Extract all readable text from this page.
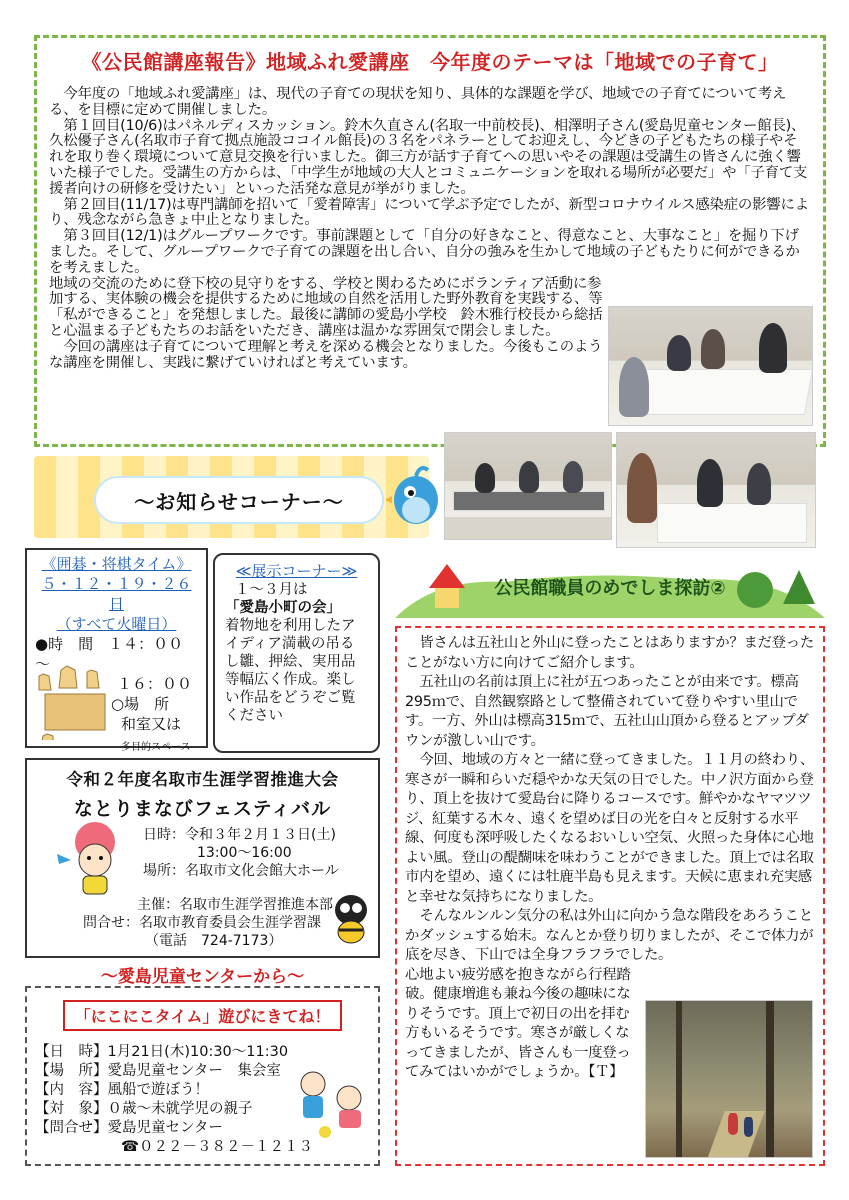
《公民館講座報告》地域ふれ愛講座　今年度のテーマは「地域での子育て」

今年度の「地域ふれ愛講座」は、現代の子育ての現状を知り、具体的な課題を学び、地域での子育てについて考える、を目標に定めて開催しました。

第１回目(10/6)はパネルディスカッション。鈴木久直さん(名取一中前校長)、相澤明子さん(愛島児童センター館長)、久松優子さん(名取市子育て拠点施設ココイル館長)の３名をパネラーとしてお迎えし、今どきの子どもたちの様子やそれを取り巻く環境について意見交換を行いました。御三方が話す子育てへの思いやその課題は受講生の皆さんに強く響いた様子でした。受講生の方からは、「中学生が地域の大人とコミュニケーションを取れる場所が必要だ」や「子育て支援者向けの研修を受けたい」といった活発な意見が挙がりました。

第２回目(11/17)は専門講師を招いて「愛着障害」について学ぶ予定でしたが、新型コロナウイルス感染症の影響により、残念ながら急きょ中止となりました。

第３回目(12/1)はグループワークです。事前課題として「自分の好きなこと、得意なこと、大事なこと」を掘り下げました。そして、グループワークで子育ての課題を出し合い、自分の強みを生かして地域の子どもたりに何ができるかを考えました。

地域の交流のために登下校の見守りをする、学校と関わるためにボランティア活動に参加する、実体験の機会を提供するために地域の自然を活用した野外教育を実践する、等「私ができること」を発想しました。最後に講師の愛島小学校　鈴木雅行校長から総括と心温まる子どもたちのお話をいただき、講座は温かな雰囲気で閉会しました。

今回の講座は子育てについて理解と考えを深める機会となりました。今後もこのような講座を開催し、実践に繋げていければと考えています。

～お知らせコーナー～
《囲碁・将棋タイム》
５・１２・１９・２６日
（すべて火曜日）
●時　間　１４：００～
１６：００
○場　所
和室又は
多目的スペース
≪展示コーナー≫
１～３月は
「愛島小町の会」
着物地を利用したアイディア満載の吊るし雛、押絵、実用品等幅広く作成。楽しい作品をどうぞご覧ください
令和２年度名取市生涯学習推進大会
なとりまなびフェスティバル
日時：令和３年２月１３日(土)
13:00～16:00
場所：名取市文化会館大ホール
主催：名取市生涯学習推進本部
問合せ：名取市教育委員会生涯学習課
（電話　724-7173）
～愛島児童センターから～
「にこにこタイム」遊びにきてね！
【日　時】1月21日(木)10:30～11:30
【場　所】愛島児童センター　集会室
【内　容】風船で遊ぼう！
【対　象】０歳～未就学児の親子
【問合せ】愛島児童センター
☎０２２－３８２－１２１３
公民館職員のめでしま探訪②

皆さんは五社山と外山に登ったことはありますか？まだ登ったことがない方に向けてご紹介します。

五社山の名前は頂上に社が五つあったことが由来です。標高295ｍで、自然観察路として整備されていて登りやすい里山です。一方、外山は標高315ｍで、五社山山頂から登るとアップダウンが激しい山です。

今回、地域の方々と一緒に登ってきました。１１月の終わり、寒さが一瞬和らいだ穏やかな天気の日でした。中ノ沢方面から登り、頂上を抜けて愛島台に降りるコースです。鮮やかなヤマツツジ、紅葉する木々、遠くを望めば日の光を白々と反射する水平線、何度も深呼吸したくなるおいしい空気、火照った身体に心地よい風。登山の醍醐味を味わうことができました。頂上では名取市内を望め、遠くには牡鹿半島も見えます。天候に恵まれ充実感と幸せな気持ちになりました。

そんなルンルン気分の私は外山に向かう急な階段をあろうことかダッシュする始末。なんとか登り切りましたが、そこで体力が底を尽き、下山では全身フラフラでした。

心地よい疲労感を抱きながら行程踏破。健康増進も兼ね今後の趣味になりそうです。頂上で初日の出を拝む方もいるそうです。寒さが厳しくなってきましたが、皆さんも一度登ってみてはいかがでしょうか。【Ｔ】
